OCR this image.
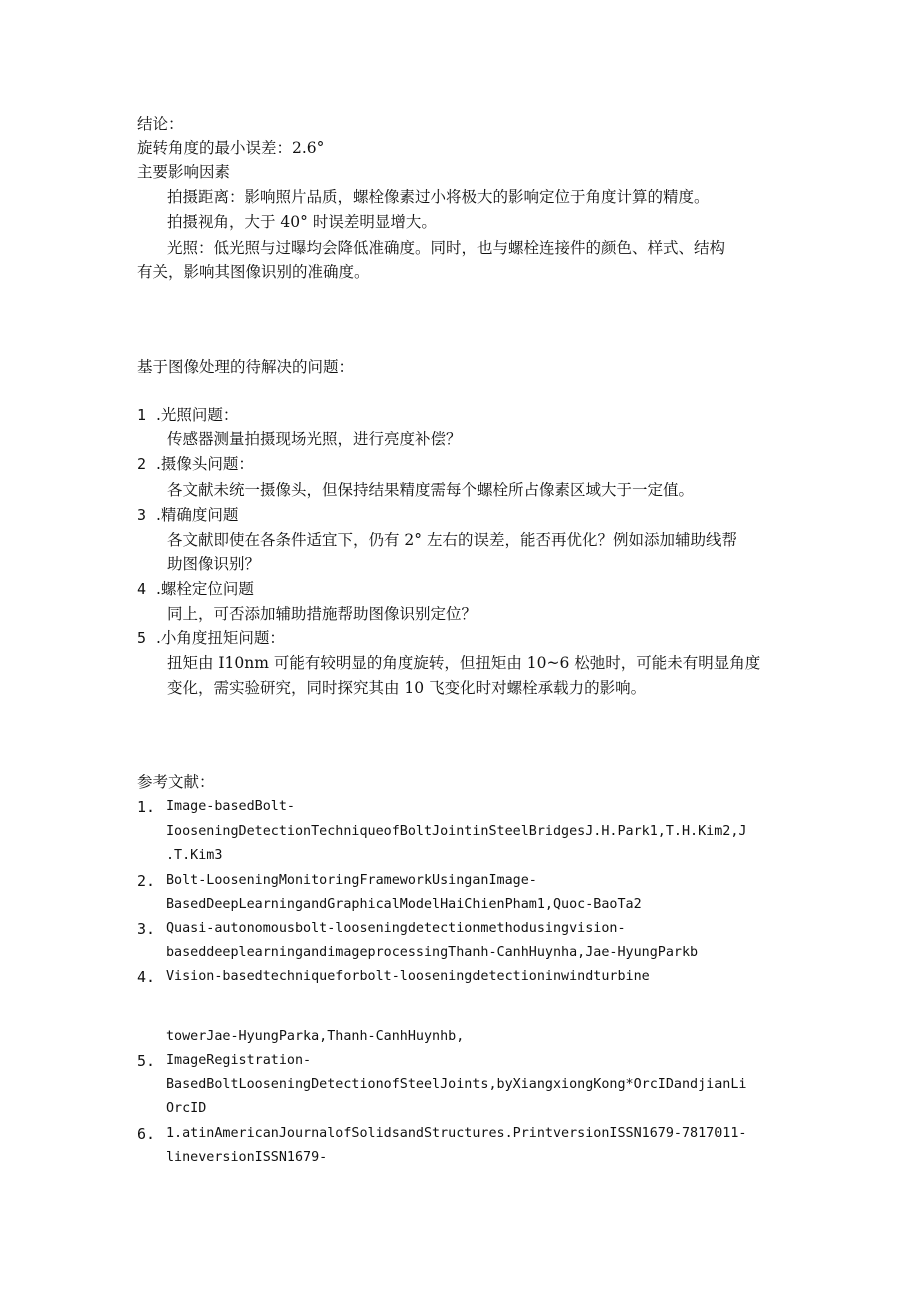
结论：
旋转角度的最小误差：2.6°
主要影响因素
拍摄距离：影响照片品质，螺栓像素过小将极大的影响定位于角度计算的精度。
拍摄视角，大于 40° 时误差明显增大。
光照：低光照与过曝均会降低准确度。同时，也与螺栓连接件的颜色、样式、结构
有关，影响其图像识别的准确度。
基于图像处理的待解决的问题：
1 .光照问题：
传感器测量拍摄现场光照，进行亮度补偿？
2 .摄像头问题：
各文献未统一摄像头，但保持结果精度需每个螺栓所占像素区域大于一定值。
3 .精确度问题
各文献即使在各条件适宜下，仍有 2° 左右的误差，能否再优化？例如添加辅助线帮
助图像识别？
4 .螺栓定位问题
同上，可否添加辅助措施帮助图像识别定位？
5 .小角度扭矩问题：
扭矩由 I10nm 可能有较明显的角度旋转，但扭矩由 10~6 松弛时，可能未有明显角度
变化，需实验研究，同时探究其由 10 飞变化时对螺栓承载力的影响。
参考文献：
1. Image-basedBolt-
IooseningDetectionTechniqueofBoltJointinSteelBridgesJ.H.Park1,T.H.Kim2,J
.T.Kim3
2. Bolt-LooseningMonitoringFrameworkUsinganImage-
BasedDeepLearningandGraphicalModelHaiChienPham1,Quoc-BaoTa2
3. Quasi-autonomousbolt-looseningdetectionmethodusingvision-
baseddeeplearningandimageprocessingThanh-CanhHuynha,Jae-HyungParkb
4. Vision-basedtechniqueforbolt-looseningdetectioninwindturbine
towerJae-HyungParka,Thanh-CanhHuynhb,
5. ImageRegistration-
BasedBoltLooseningDetectionofSteelJoints,byXiangxiongKong*OrcIDandjianLi
OrcID
6. 1.atinAmericanJournalofSolidsandStructures.PrintversionISSN1679-7817011-
lineversionISSN1679-
